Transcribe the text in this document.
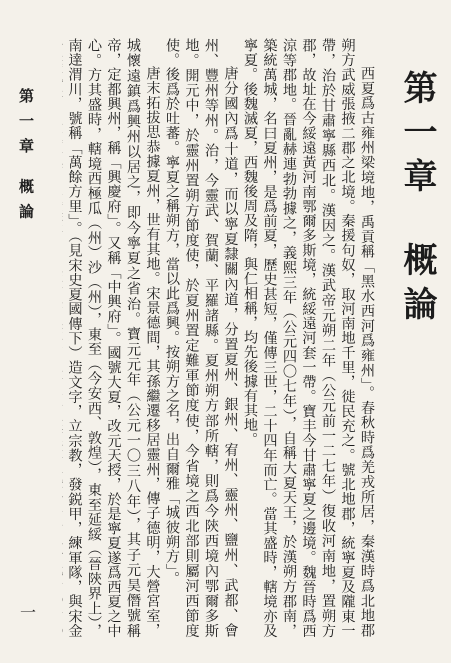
第一章概論

西夏爲古雍州梁境地，禹貢稱「黑水西河爲雍州」。春秋時爲羌戎所居，秦漢時爲北地郡朔方武威張掖二郡之北境。秦援句奴，取河南地千里，徙民充之。號北地郡，統寧夏及隴東一帶，治於甘肅寧縣西北。漢因之。漢武帝元朔二年（公元前一二七年）復收河南地，置朔方郡，故址在今綏遠黃河南鄂爾多斯境，統綏遠河套一帶。寶丰今甘肅寧夏之邊境。魏晉時爲西涼等郡地。晉亂赫連勃勃據之，義熙三年（公元四〇七年），自稱大夏天王，於漢朔方郡南，築統萬城，名曰夏州，是爲前夏，歷史甚短，僅傳三世，二十四年而亡。當其盛時，轄境亦及寧夏。後魏滅夏，西魏後周及隋，與仁相稱，均先後據有其地。

唐分國內爲十道，而以寧夏隸關內道，分置夏州、銀州、宥州、靈州、鹽州、武都、會州、豐州等州。治，今靈武、賀蘭、平羅諸縣。夏州朔方部所轄，則爲今陝西境內鄂爾多斯地。開元中，於靈州置朔方節度使，於夏州置定難軍節度使，今省境之西北部則屬河西節度使。後爲於吐蕃。寧夏之稱朔方，當以此爲興。按朔方之名，出自爾雅「城彼朔方」。

唐末拓拔思恭據夏州，世有其地。宋景德間，其孫繼遷移居靈州，傳子德明，大營宮室，城懷遠鎮爲興州以居之，即今寧夏之省治。寶元元年（公元一〇三八年），其子元昊僭號稱帝，定都興州，稱「興慶府」。又稱「中興府」。國號大夏，改元天授，於是寧夏遂爲西夏之中心。方其盛時，轄境西極瓜（州）沙（州），東至（今安西、敦煌），東至延綏（晉陝界上），南達渭川，號稱「萬餘方里」。（見宋史夏國傳下）造文字，立宗教，發鋭甲，練軍隊，與宋金

第一章 概論
一
